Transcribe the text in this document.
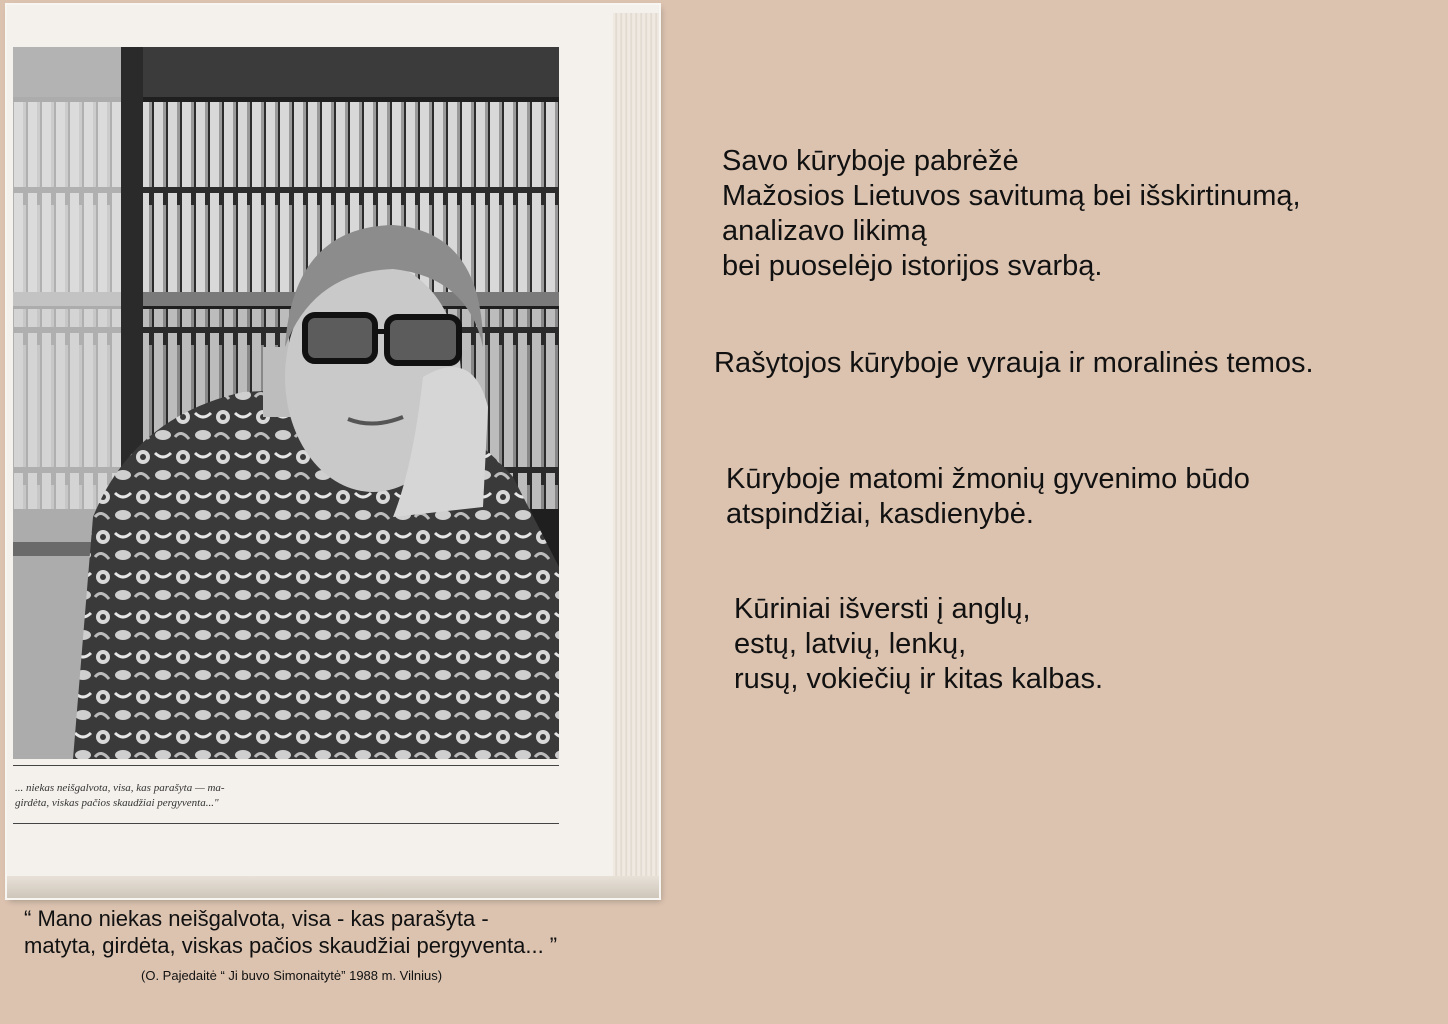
... niekas neišgalvota, visa, kas parašyta — ma-
girdėta, viskas pačios skaudžiai pergyventa..."
Savo kūryboje pabrėžė
Mažosios Lietuvos savitumą bei išskirtinumą,
analizavo likimą
bei puoselėjo istorijos svarbą.
Rašytojos kūryboje vyrauja ir moralinės temos.
Kūryboje matomi žmonių gyvenimo būdo
atspindžiai, kasdienybė.
Kūriniai išversti į anglų,
estų, latvių, lenkų,
rusų, vokiečių ir kitas kalbas.
“ Mano niekas neišgalvota, visa - kas parašyta -
matyta, girdėta, viskas pačios skaudžiai pergyventa... ”
(O. Pajedaitė “ Ji buvo Simonaitytė” 1988 m. Vilnius)
